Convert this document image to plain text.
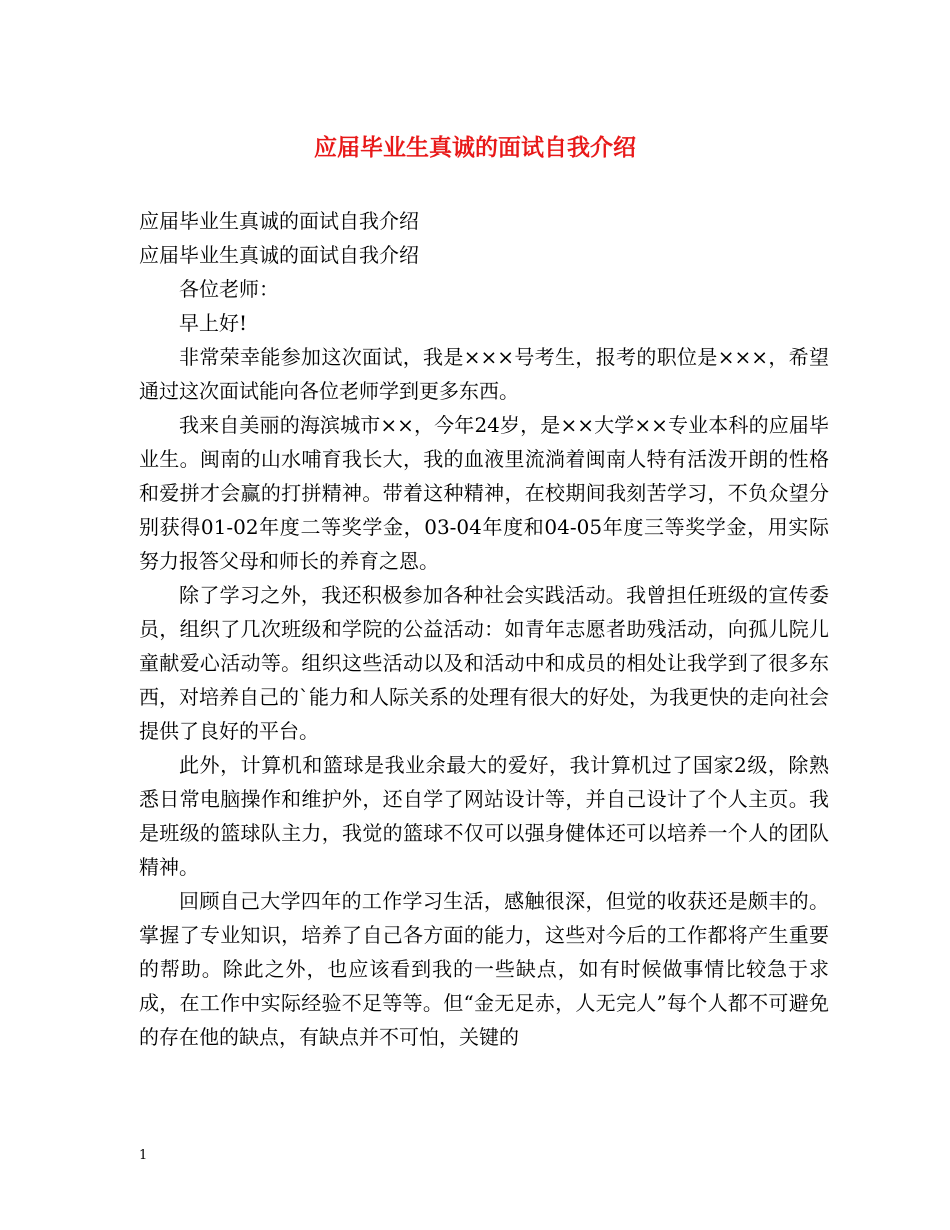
应届毕业生真诚的面试自我介绍

应届毕业生真诚的面试自我介绍

应届毕业生真诚的面试自我介绍

各位老师：

早上好!

非常荣幸能参加这次面试，我是×××号考生，报考的职位是×××，希望通过这次面试能向各位老师学到更多东西。

我来自美丽的海滨城市××，今年24岁，是××大学××专业本科的应届毕业生。闽南的山水哺育我长大，我的血液里流淌着闽南人特有活泼开朗的性格和爱拼才会赢的打拼精神。带着这种精神，在校期间我刻苦学习，不负众望分别获得01-02年度二等奖学金，03-04年度和04-05年度三等奖学金，用实际努力报答父母和师长的养育之恩。

除了学习之外，我还积极参加各种社会实践活动。我曾担任班级的宣传委员，组织了几次班级和学院的公益活动：如青年志愿者助残活动，向孤儿院儿童献爱心活动等。组织这些活动以及和活动中和成员的相处让我学到了很多东西，对培养自己的`能力和人际关系的处理有很大的好处，为我更快的走向社会提供了良好的平台。

此外，计算机和篮球是我业余最大的爱好，我计算机过了国家2级，除熟悉日常电脑操作和维护外，还自学了网站设计等，并自己设计了个人主页。我是班级的篮球队主力，我觉的篮球不仅可以强身健体还可以培养一个人的团队精神。

回顾自己大学四年的工作学习生活，感触很深，但觉的收获还是颇丰的。掌握了专业知识，培养了自己各方面的能力，这些对今后的工作都将产生重要的帮助。除此之外，也应该看到我的一些缺点，如有时候做事情比较急于求成，在工作中实际经验不足等等。但“金无足赤，人无完人”每个人都不可避免的存在他的缺点，有缺点并不可怕，关键的

1
